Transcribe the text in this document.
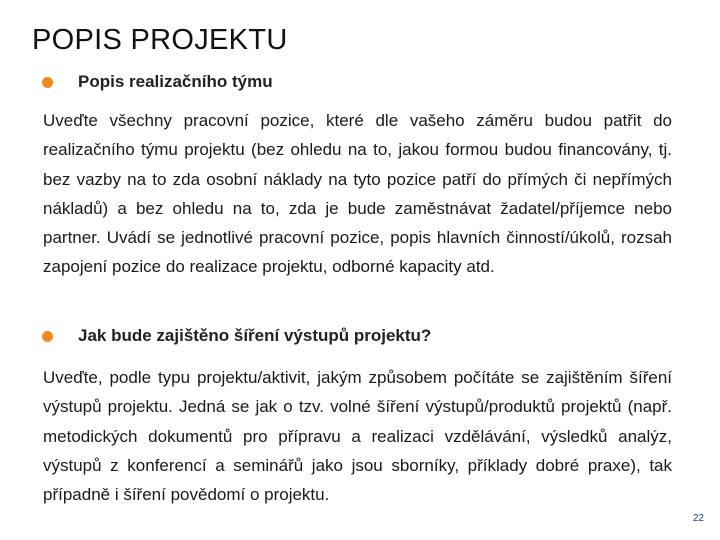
POPIS PROJEKTU
Popis realizačního týmu

Uveďte všechny pracovní pozice, které dle vašeho záměru budou patřit do realizačního týmu projektu (bez ohledu na to, jakou formou budou financovány, tj. bez vazby na to zda osobní náklady na tyto pozice patří do přímých či nepřímých nákladů) a bez ohledu na to, zda je bude zaměstnávat žadatel/příjemce nebo partner. Uvádí se jednotlivé pracovní pozice, popis hlavních činností/úkolů, rozsah zapojení pozice do realizace projektu, odborné kapacity atd.

Jak bude zajištěno šíření výstupů projektu?

Uveďte, podle typu projektu/aktivit, jakým způsobem počítáte se zajištěním šíření výstupů projektu. Jedná se jak o tzv. volné šíření výstupů/produktů projektů (např. metodických dokumentů pro přípravu a realizaci vzdělávání, výsledků analýz, výstupů z konferencí a seminářů jako jsou sborníky, příklady dobré praxe), tak případně i šíření povědomí o projektu.

22
